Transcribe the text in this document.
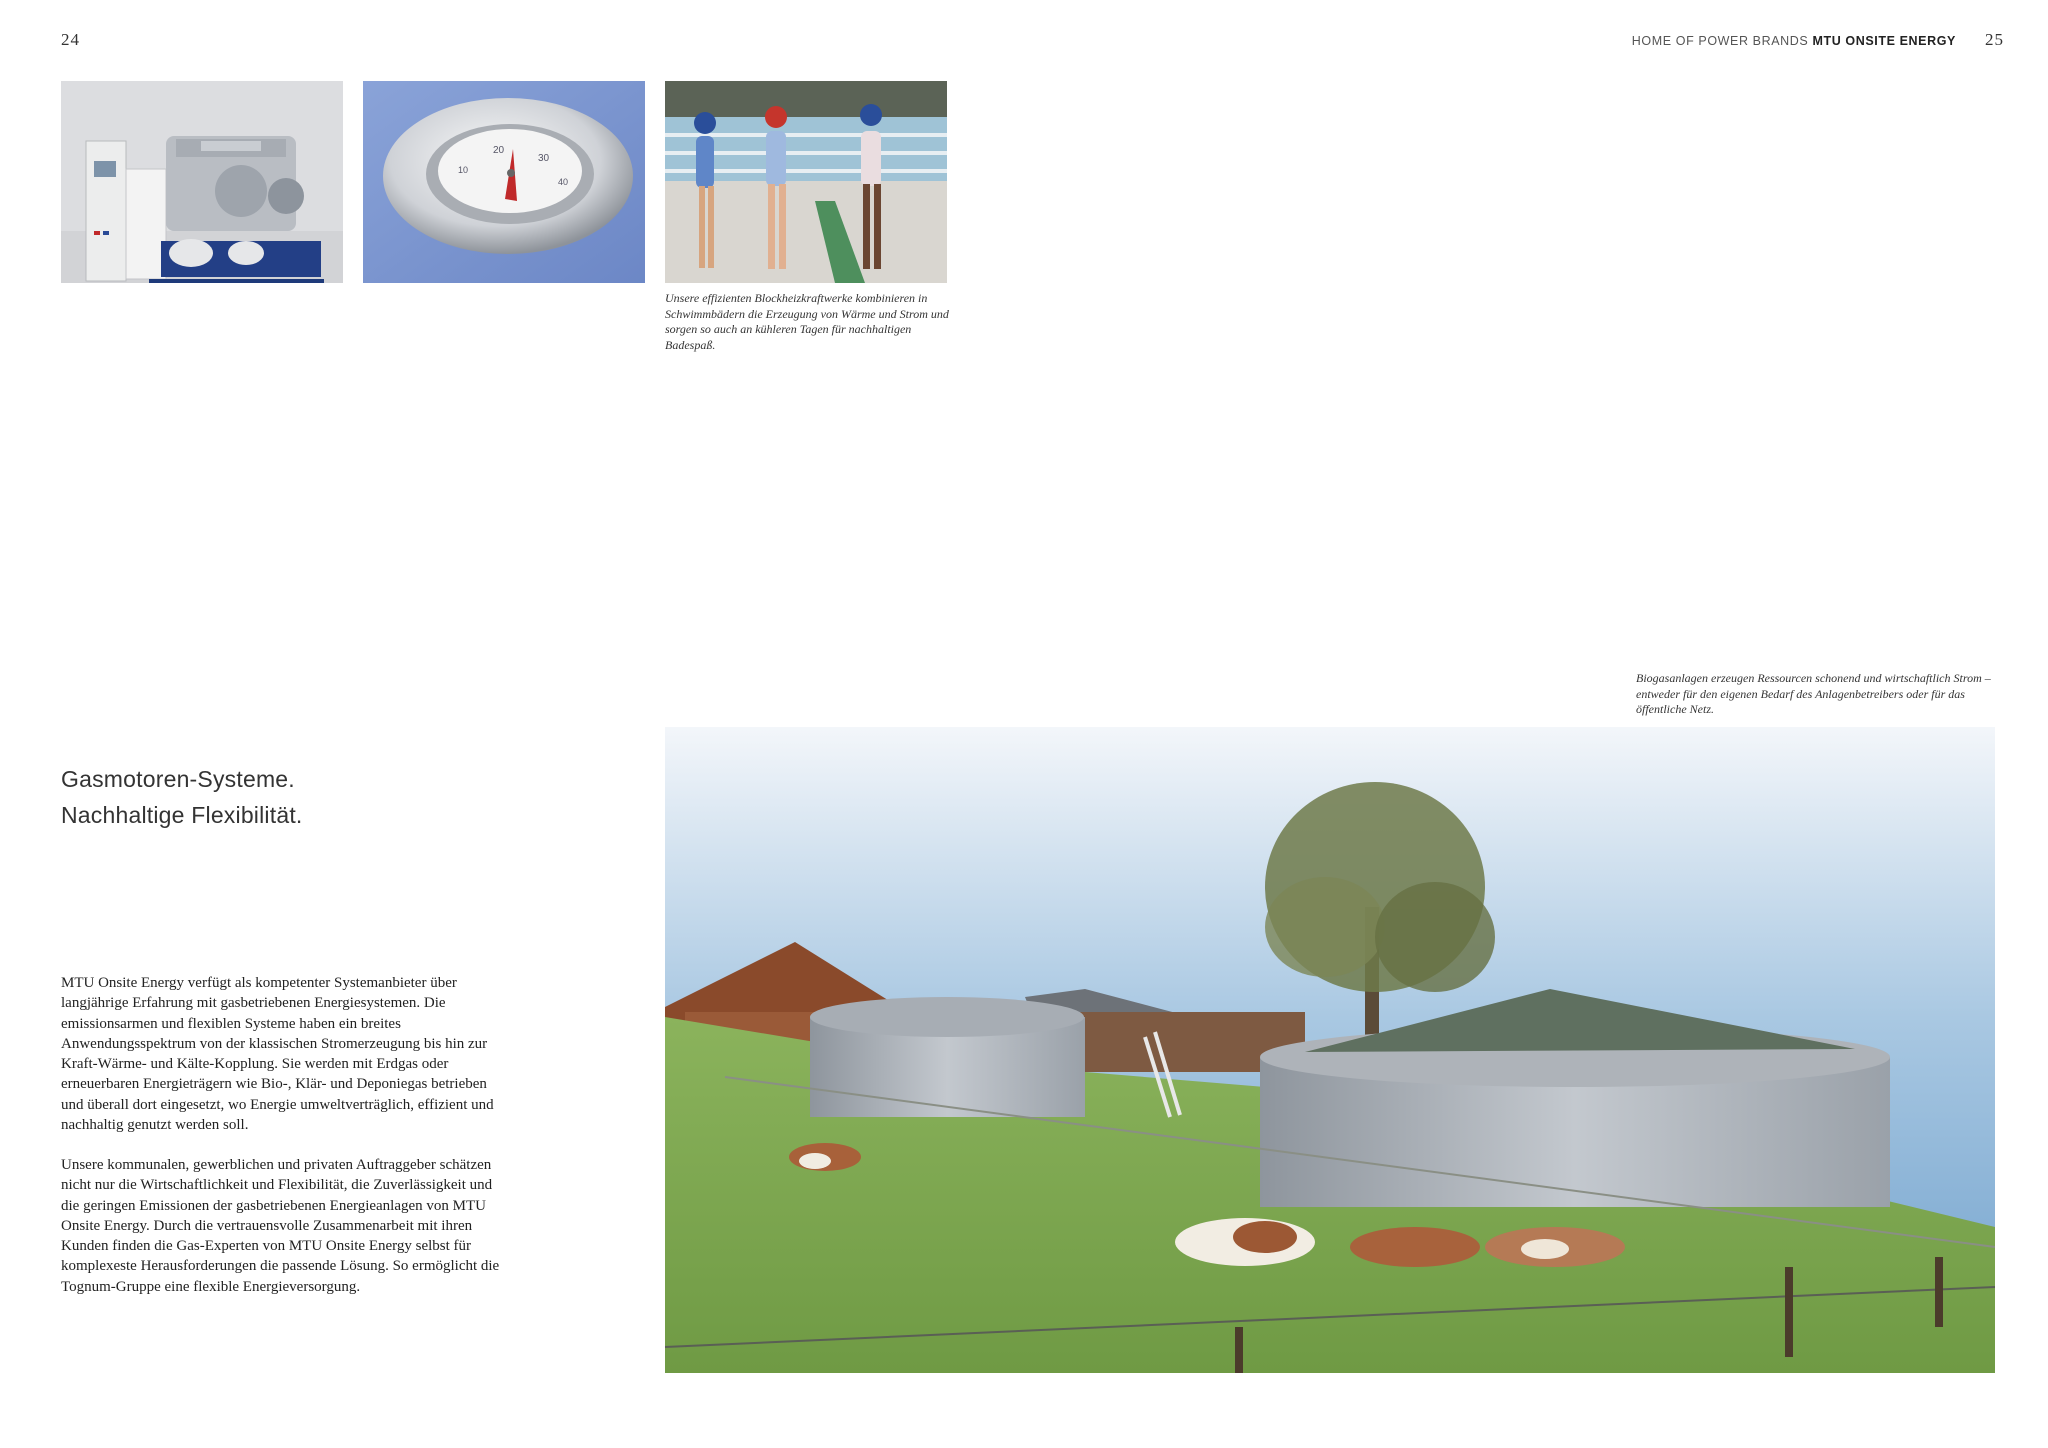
24	HOME OF POWER BRANDS MTU ONSITE ENERGY 25
10
20
30
40
Unsere effizienten Blockheizkraftwerke kombinieren in Schwimmbädern die Erzeugung von Wärme und Strom und sorgen so auch an kühleren Tagen für nachhaltigen Badespaß.
Biogasanlagen erzeugen Ressourcen schonend und wirtschaftlich Strom – entweder für den eigenen Bedarf des Anlagenbetreibers oder für das öffentliche Netz.
Gasmotoren-Systeme.
Nachhaltige Flexibilität.

MTU Onsite Energy verfügt als kompetenter Systemanbieter über langjährige Erfahrung mit gasbetriebenen Energiesystemen. Die emissionsarmen und flexiblen Systeme haben ein breites Anwendungsspektrum von der klassischen Stromerzeugung bis hin zur Kraft-Wärme- und Kälte-Kopplung. Sie werden mit Erdgas oder erneuerbaren Energieträgern wie Bio-, Klär- und Deponiegas betrieben und überall dort eingesetzt, wo Energie umweltverträglich, effizient und nachhaltig genutzt werden soll.

Unsere kommunalen, gewerblichen und privaten Auftraggeber schätzen nicht nur die Wirtschaftlichkeit und Flexibilität, die Zuverlässigkeit und die geringen Emissionen der gasbetriebenen Energieanlagen von MTU Onsite Energy. Durch die vertrauensvolle Zusammenarbeit mit ihren Kunden finden die Gas-Experten von MTU Onsite Energy selbst für komplexeste Herausforderungen die passende Lösung. So ermöglicht die Tognum-Gruppe eine flexible Energieversorgung.
